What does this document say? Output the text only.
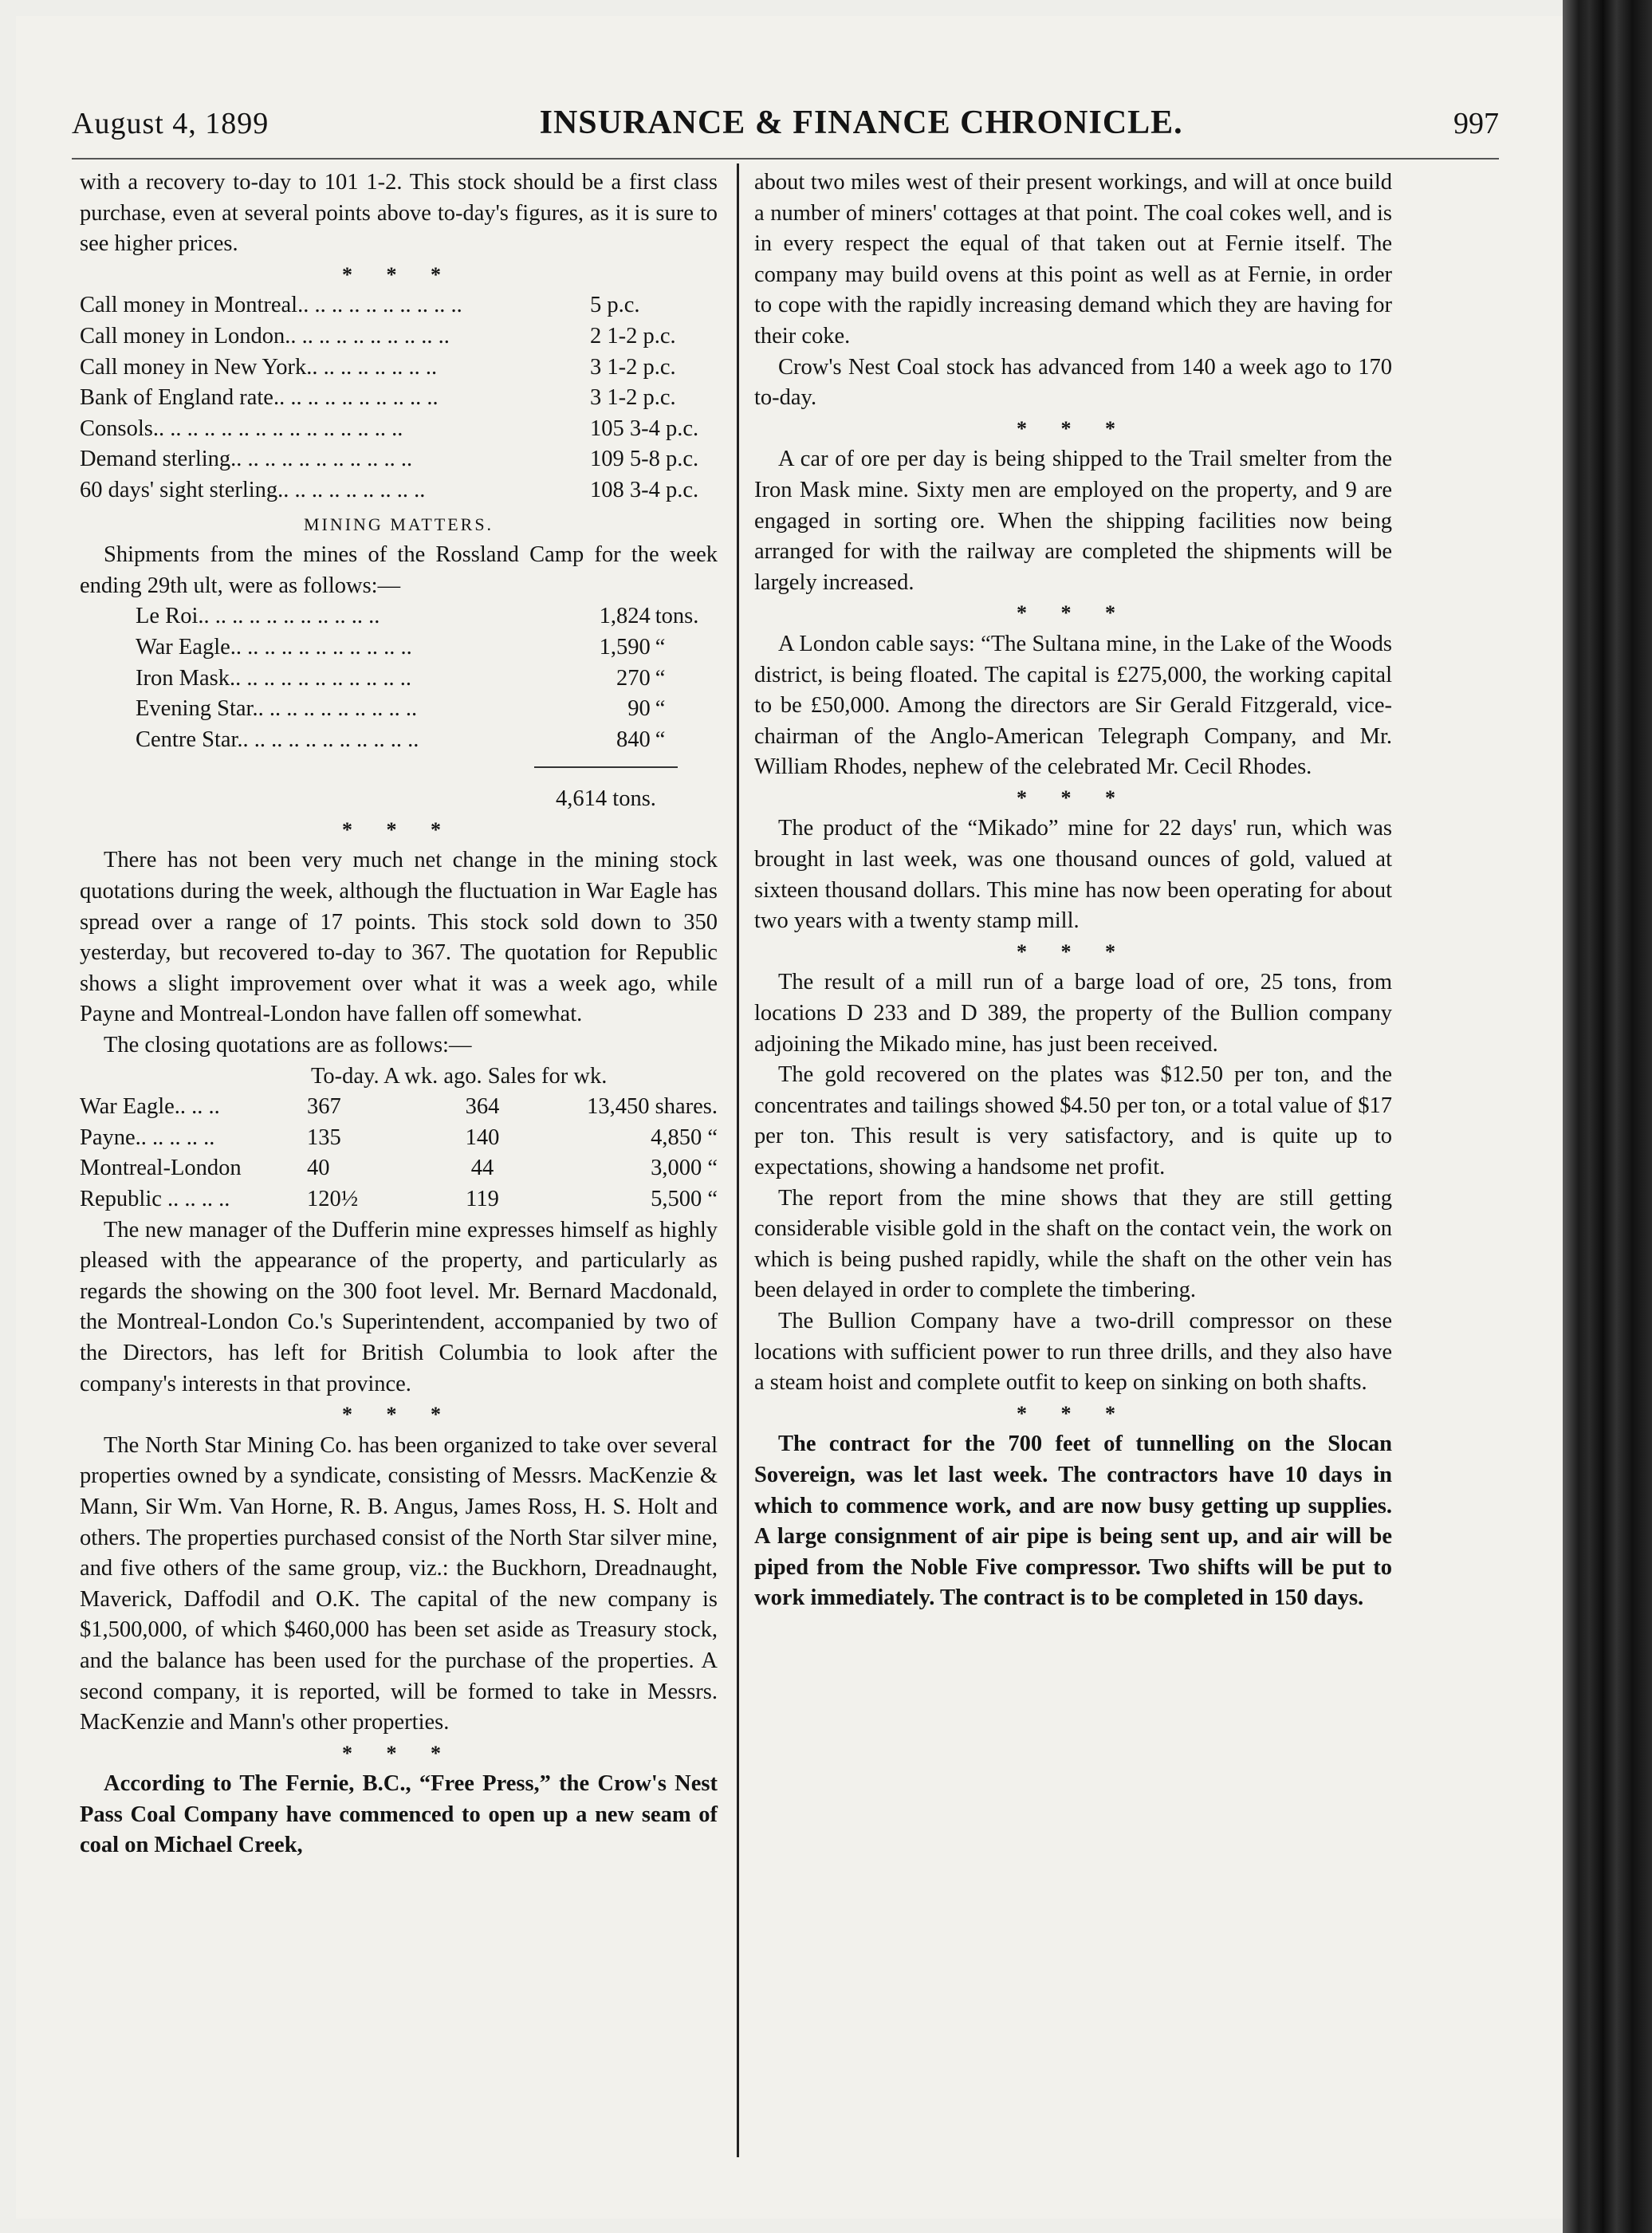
August 4, 1899	INSURANCE & FINANCE CHRONICLE.	997

with a recovery to-day to 101 1-2. This stock should be a first class purchase, even at several points above to-day's figures, as it is sure to see higher prices.

* * *
Call money in Montreal.. .. .. .. .. .. .. .. .. ..	5 p.c.
Call money in London.. .. .. .. .. .. .. .. .. ..	2 1-2 p.c.
Call money in New York.. .. .. .. .. .. .. ..	3 1-2 p.c.
Bank of England rate.. .. .. .. .. .. .. .. .. ..	3 1-2 p.c.
Consols.. .. .. .. .. .. .. .. .. .. .. .. .. .. ..	105 3-4 p.c.
Demand sterling.. .. .. .. .. .. .. .. .. .. ..	109 5-8 p.c.
60 days' sight sterling.. .. .. .. .. .. .. .. ..	108 3-4 p.c.
MINING MATTERS.

Shipments from the mines of the Rossland Camp for the week ending 29th ult, were as follows:—

Le Roi.. .. .. .. .. .. .. .. .. .. ..	1,824 tons.
War Eagle.. .. .. .. .. .. .. .. .. .. ..	1,590 “
Iron Mask.. .. .. .. .. .. .. .. .. .. ..	270 “
Evening Star.. .. .. .. .. .. .. .. .. ..	90 “
Centre Star.. .. .. .. .. .. .. .. .. .. ..	840 “
4,614 tons.
* * *

There has not been very much net change in the mining stock quotations during the week, although the fluctuation in War Eagle has spread over a range of 17 points. This stock sold down to 350 yesterday, but recovered to-day to 367. The quotation for Republic shows a slight improvement over what it was a week ago, while Payne and Montreal-London have fallen off somewhat.

The closing quotations are as follows:—

To-day. A wk. ago. Sales for wk.
War Eagle.. .. ..	367	364	13,450 shares.
Payne.. .. .. .. ..	135	140	4,850 “
Montreal-London	40	44	3,000 “
Republic .. .. .. ..	120½	119	5,500 “

The new manager of the Dufferin mine expresses himself as highly pleased with the appearance of the property, and particularly as regards the showing on the 300 foot level. Mr. Bernard Macdonald, the Montreal-London Co.'s Superintendent, accompanied by two of the Directors, has left for British Columbia to look after the company's interests in that province.

* * *

The North Star Mining Co. has been organized to take over several properties owned by a syndicate, consisting of Messrs. MacKenzie & Mann, Sir Wm. Van Horne, R. B. Angus, James Ross, H. S. Holt and others. The properties purchased consist of the North Star silver mine, and five others of the same group, viz.: the Buckhorn, Dreadnaught, Maverick, Daffodil and O.K. The capital of the new company is $1,500,000, of which $460,000 has been set aside as Treasury stock, and the balance has been used for the purchase of the properties. A second company, it is reported, will be formed to take in Messrs. MacKenzie and Mann's other properties.

* * *

According to The Fernie, B.C., “Free Press,” the Crow's Nest Pass Coal Company have commenced to open up a new seam of coal on Michael Creek,

about two miles west of their present workings, and will at once build a number of miners' cottages at that point. The coal cokes well, and is in every respect the equal of that taken out at Fernie itself. The company may build ovens at this point as well as at Fernie, in order to cope with the rapidly increasing demand which they are having for their coke.

Crow's Nest Coal stock has advanced from 140 a week ago to 170 to-day.

* * *

A car of ore per day is being shipped to the Trail smelter from the Iron Mask mine. Sixty men are employed on the property, and 9 are engaged in sorting ore. When the shipping facilities now being arranged for with the railway are completed the shipments will be largely increased.

* * *

A London cable says: “The Sultana mine, in the Lake of the Woods district, is being floated. The capital is £275,000, the working capital to be £50,000. Among the directors are Sir Gerald Fitzgerald, vice-chairman of the Anglo-American Telegraph Company, and Mr. William Rhodes, nephew of the celebrated Mr. Cecil Rhodes.

* * *

The product of the “Mikado” mine for 22 days' run, which was brought in last week, was one thousand ounces of gold, valued at sixteen thousand dollars. This mine has now been operating for about two years with a twenty stamp mill.

* * *

The result of a mill run of a barge load of ore, 25 tons, from locations D 233 and D 389, the property of the Bullion company adjoining the Mikado mine, has just been received.

The gold recovered on the plates was $12.50 per ton, and the concentrates and tailings showed $4.50 per ton, or a total value of $17 per ton. This result is very satisfactory, and is quite up to expectations, showing a handsome net profit.

The report from the mine shows that they are still getting considerable visible gold in the shaft on the contact vein, the work on which is being pushed rapidly, while the shaft on the other vein has been delayed in order to complete the timbering.

The Bullion Company have a two-drill compressor on these locations with sufficient power to run three drills, and they also have a steam hoist and complete outfit to keep on sinking on both shafts.

* * *

The contract for the 700 feet of tunnelling on the Slocan Sovereign, was let last week. The contractors have 10 days in which to commence work, and are now busy getting up supplies. A large consignment of air pipe is being sent up, and air will be piped from the Noble Five compressor. Two shifts will be put to work immediately. The contract is to be completed in 150 days.
